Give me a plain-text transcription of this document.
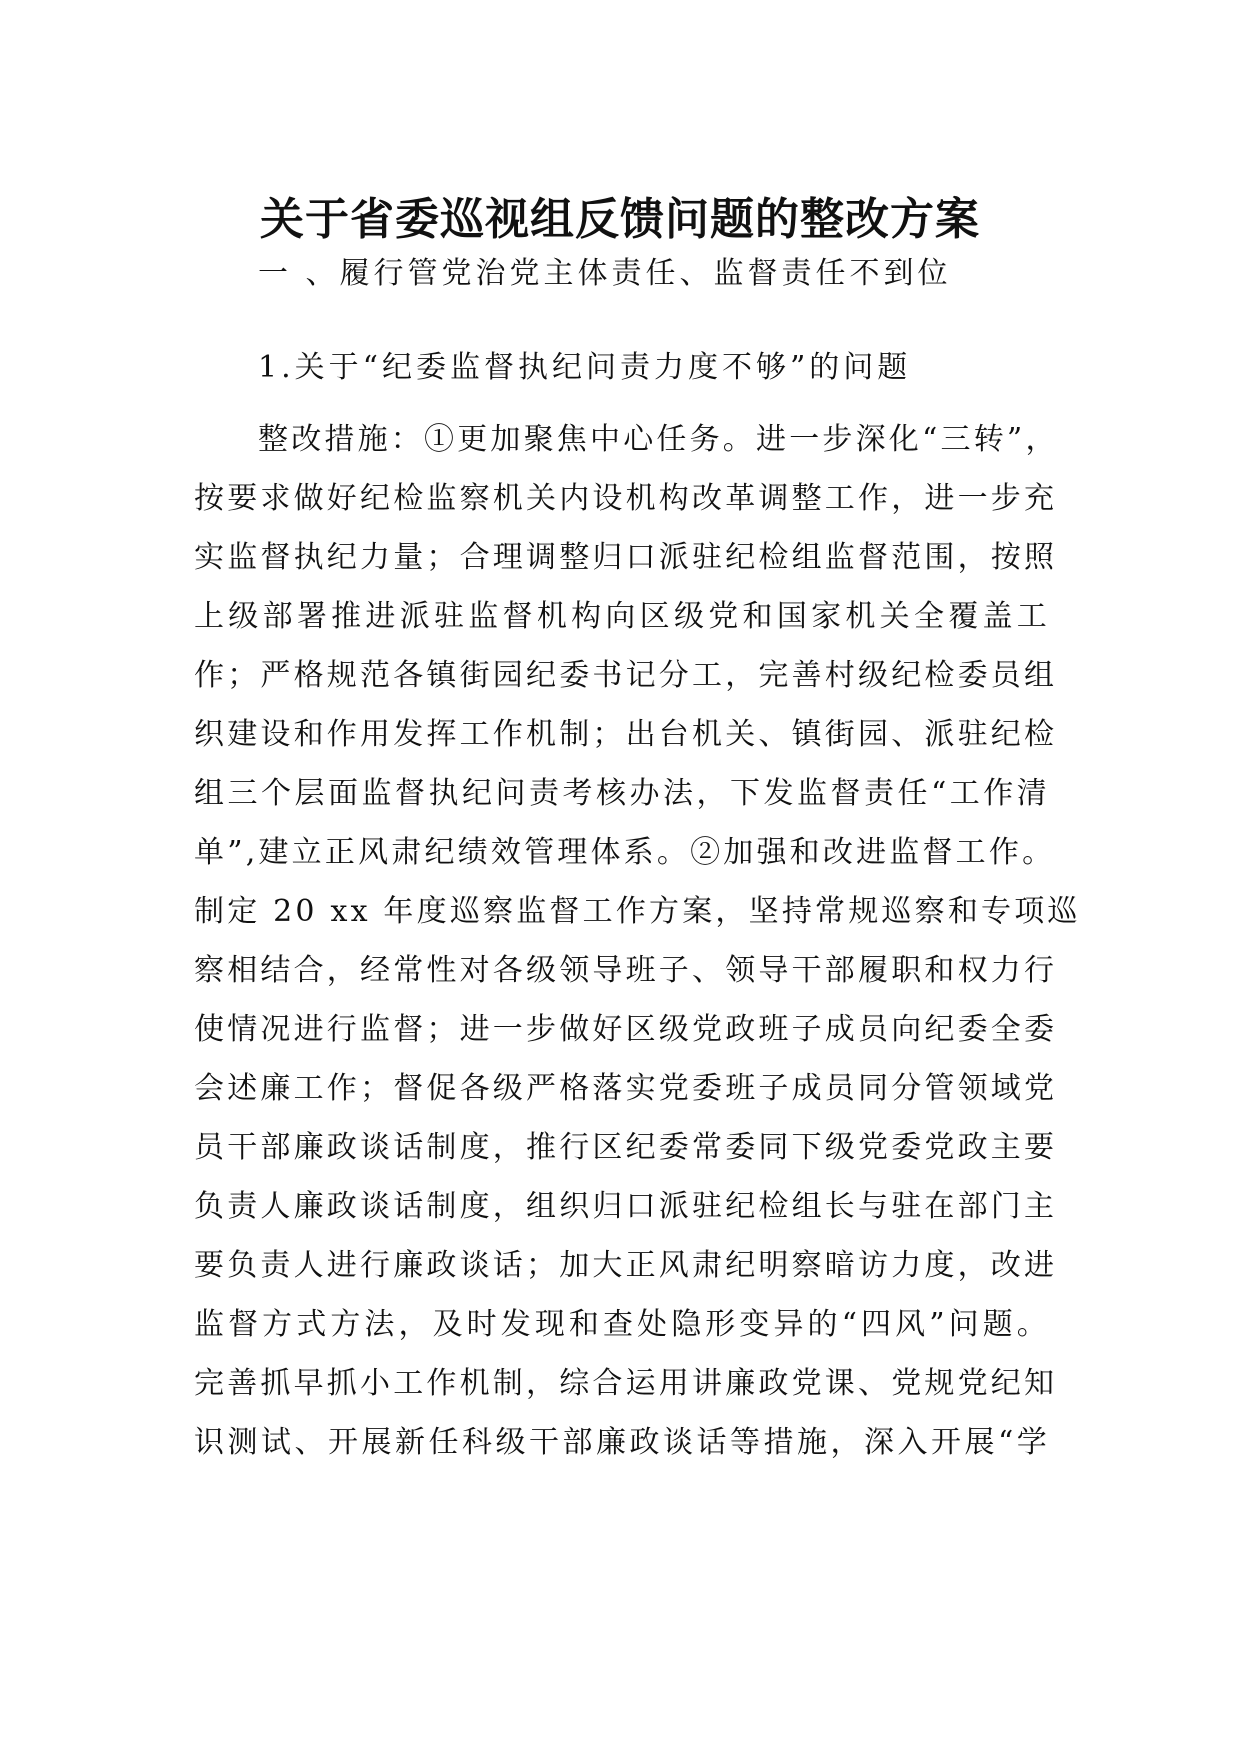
关于省委巡视组反馈问题的整改方案

一 、履行管党治党主体责任、监督责任不到位

1.关于“纪委监督执纪问责力度不够”的问题

整改措施：①更加聚焦中心任务。进一步深化“三转”，
按要求做好纪检监察机关内设机构改革调整工作，进一步充
实监督执纪力量；合理调整归口派驻纪检组监督范围，按照
上级部署推进派驻监督机构向区级党和国家机关全覆盖工
作；严格规范各镇街园纪委书记分工，完善村级纪检委员组
织建设和作用发挥工作机制；出台机关、镇街园、派驻纪检
组三个层面监督执纪问责考核办法，下发监督责任“工作清
单”,建立正风肃纪绩效管理体系。②加强和改进监督工作。
制定 20 xx 年度巡察监督工作方案，坚持常规巡察和专项巡
察相结合，经常性对各级领导班子、领导干部履职和权力行
使情况进行监督；进一步做好区级党政班子成员向纪委全委
会述廉工作；督促各级严格落实党委班子成员同分管领域党
员干部廉政谈话制度，推行区纪委常委同下级党委党政主要
负责人廉政谈话制度，组织归口派驻纪检组长与驻在部门主
要负责人进行廉政谈话；加大正风肃纪明察暗访力度，改进
监督方式方法，及时发现和查处隐形变异的“四风”问题。
完善抓早抓小工作机制，综合运用讲廉政党课、党规党纪知
识测试、开展新任科级干部廉政谈话等措施，深入开展“学
